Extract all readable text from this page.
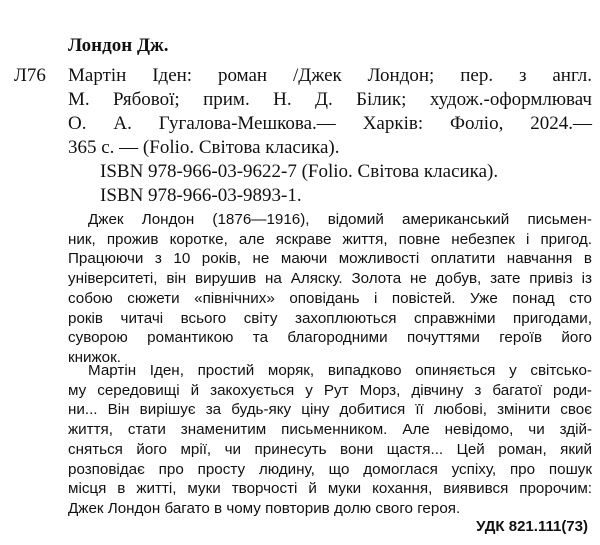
Лондон Дж.
Л76 Мартін Іден: роман /Джек Лондон; пер. з англ.
М. Рябової; прим. Н. Д. Білик; худож.-оформлювач
О. А. Гугалова-Мешкова.— Харків: Фоліо, 2024.—
365 с. — (Folio. Світова класика).
ISBN 978-966-03-9622-7 (Folio. Світова класика).
ISBN 978-966-03-9893-1.
Джек Лондон (1876—1916), відомий американський письмен-
ник, прожив коротке, але яскраве життя, повне небезпек і пригод.
Працюючи з 10 років, не маючи можливості оплатити навчання в
університеті, він вирушив на Аляску. Золота не добув, зате привіз із
собою сюжети «північних» оповідань і повістей. Уже понад сто
років читачі всього світу захоплюються справжніми пригодами,
суворою романтикою та благородними почуттями героїв його
книжок.
Мартін Іден, простий моряк, випадково опиняється у світсько-
му середовищі й закохується у Рут Морз, дівчину з багатої роди-
ни... Він вирішує за будь-яку ціну добитися її любові, змінити своє
життя, стати знаменитим письменником. Але невідомо, чи здій-
сняться його мрії, чи принесуть вони щастя... Цей роман, який
розповідає про просту людину, що домоглася успіху, про пошук
місця в житті, муки творчості й муки кохання, виявився пророчим:
Джек Лондон багато в чому повторив долю свого героя.
УДК 821.111(73)
